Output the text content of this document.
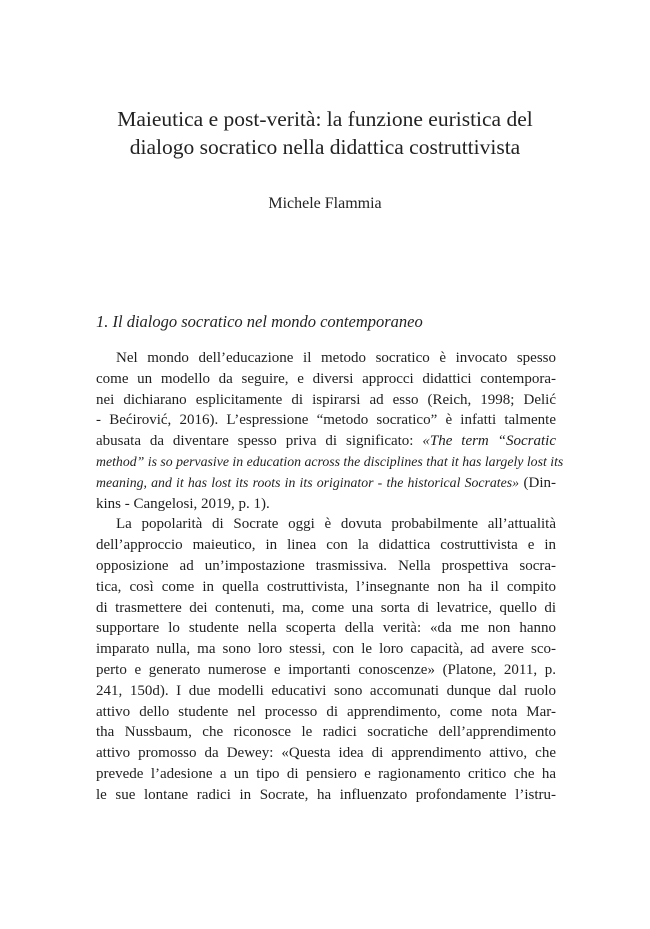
Maieutica e post-verità: la funzione euristica del
dialogo socratico nella didattica costruttivista
Michele Flammia
1. Il dialogo socratico nel mondo contemporaneo
Nel mondo dell’educazione il metodo socratico è invocato spesso
come un modello da seguire, e diversi approcci didattici contempora-
nei dichiarano esplicitamente di ispirarsi ad esso (Reich, 1998; Delić
- Bećirović, 2016). L’espressione “metodo socratico” è infatti talmente
abusata da diventare spesso priva di significato: «The term “Socratic
method” is so pervasive in education across the disciplines that it has largely lost its
meaning, and it has lost its roots in its originator - the historical Socrates» (Din-
kins - Cangelosi, 2019, p. 1).
La popolarità di Socrate oggi è dovuta probabilmente all’attualità
dell’approccio maieutico, in linea con la didattica costruttivista e in
opposizione ad un’impostazione trasmissiva. Nella prospettiva socra-
tica, così come in quella costruttivista, l’insegnante non ha il compito
di trasmettere dei contenuti, ma, come una sorta di levatrice, quello di
supportare lo studente nella scoperta della verità: «da me non hanno
imparato nulla, ma sono loro stessi, con le loro capacità, ad avere sco-
perto e generato numerose e importanti conoscenze» (Platone, 2011, p.
241, 150d). I due modelli educativi sono accomunati dunque dal ruolo
attivo dello studente nel processo di apprendimento, come nota Mar-
tha Nussbaum, che riconosce le radici socratiche dell’apprendimento
attivo promosso da Dewey: «Questa idea di apprendimento attivo, che
prevede l’adesione a un tipo di pensiero e ragionamento critico che ha
le sue lontane radici in Socrate, ha influenzato profondamente l’istru-
